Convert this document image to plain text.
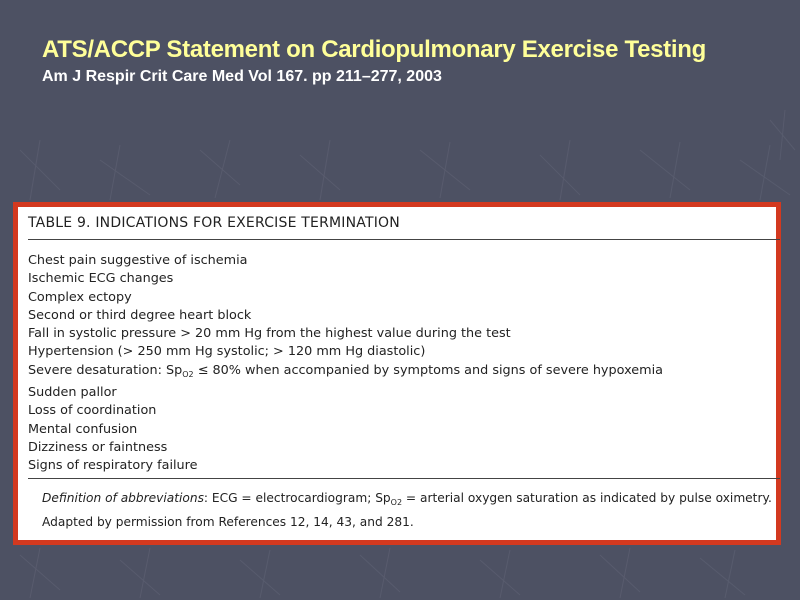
ATS/ACCP Statement on Cardiopulmonary Exercise Testing
Am J Respir Crit Care Med Vol 167. pp 211–277, 2003
TABLE 9. INDICATIONS FOR EXERCISE TERMINATION
Chest pain suggestive of ischemia
Ischemic ECG changes
Complex ectopy
Second or third degree heart block
Fall in systolic pressure > 20 mm Hg from the highest value during the test
Hypertension (> 250 mm Hg systolic; > 120 mm Hg diastolic)
Severe desaturation: $Sp_{O2} \le 80\%$ when accompanied by symptoms and signs of severe hypoxemia
Sudden pallor
Loss of coordination
Mental confusion
Dizziness or faintness
Signs of respiratory failure
Definition of abbreviations: ECG = electrocardiogram; $Sp_{O2}$ = arterial oxygen saturation as indicated by pulse oximetry.
Adapted by permission from References 12, 14, 43, and 281.
